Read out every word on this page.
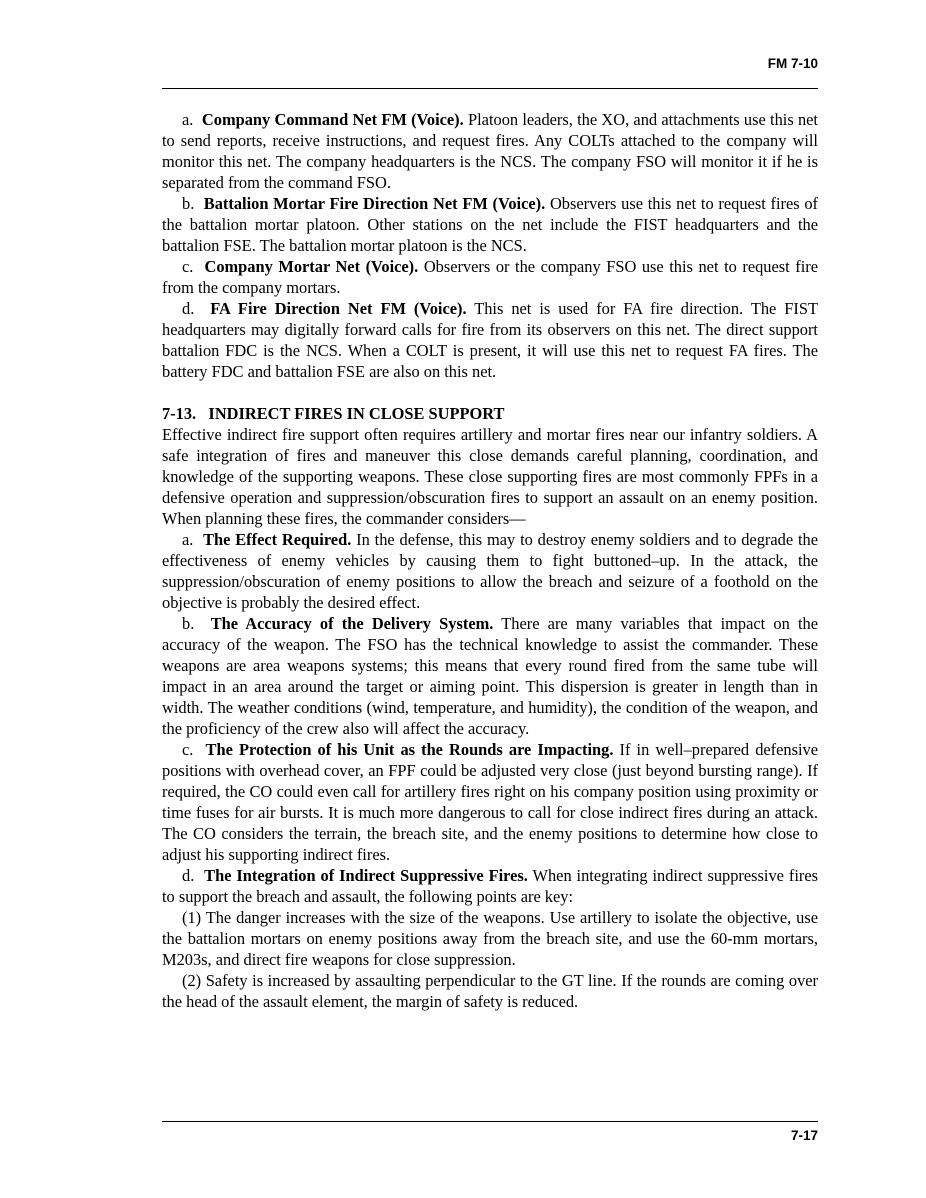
FM 7-10

a. Company Command Net FM (Voice). Platoon leaders, the XO, and attachments use this net to send reports, receive instructions, and request fires. Any COLTs attached to the company will monitor this net. The company headquarters is the NCS. The company FSO will monitor it if he is separated from the command FSO.

b. Battalion Mortar Fire Direction Net FM (Voice). Observers use this net to request fires of the battalion mortar platoon. Other stations on the net include the FIST headquarters and the battalion FSE. The battalion mortar platoon is the NCS.

c. Company Mortar Net (Voice). Observers or the company FSO use this net to request fire from the company mortars.

d. FA Fire Direction Net FM (Voice). This net is used for FA fire direction. The FIST headquarters may digitally forward calls for fire from its observers on this net. The direct support battalion FDC is the NCS. When a COLT is present, it will use this net to request FA fires. The battery FDC and battalion FSE are also on this net.

7-13.   INDIRECT FIRES IN CLOSE SUPPORT

Effective indirect fire support often requires artillery and mortar fires near our infantry soldiers. A safe integration of fires and maneuver this close demands careful planning, coordination, and knowledge of the supporting weapons. These close supporting fires are most commonly FPFs in a defensive operation and suppression/obscuration fires to support an assault on an enemy position. When planning these fires, the commander considers—

a. The Effect Required. In the defense, this may to destroy enemy soldiers and to degrade the effectiveness of enemy vehicles by causing them to fight buttoned–up. In the attack, the suppression/obscuration of enemy positions to allow the breach and seizure of a foothold on the objective is probably the desired effect.

b. The Accuracy of the Delivery System. There are many variables that impact on the accuracy of the weapon. The FSO has the technical knowledge to assist the commander. These weapons are area weapons systems; this means that every round fired from the same tube will impact in an area around the target or aiming point. This dispersion is greater in length than in width. The weather conditions (wind, temperature, and humidity), the condition of the weapon, and the proficiency of the crew also will affect the accuracy.

c. The Protection of his Unit as the Rounds are Impacting. If in well–prepared defensive positions with overhead cover, an FPF could be adjusted very close (just beyond bursting range). If required, the CO could even call for artillery fires right on his company position using proximity or time fuses for air bursts. It is much more dangerous to call for close indirect fires during an attack. The CO considers the terrain, the breach site, and the enemy positions to determine how close to adjust his supporting indirect fires.

d. The Integration of Indirect Suppressive Fires. When integrating indirect suppressive fires to support the breach and assault, the following points are key:

(1) The danger increases with the size of the weapons. Use artillery to isolate the objective, use the battalion mortars on enemy positions away from the breach site, and use the 60-mm mortars, M203s, and direct fire weapons for close suppression.

(2) Safety is increased by assaulting perpendicular to the GT line. If the rounds are coming over the head of the assault element, the margin of safety is reduced.

7-17
